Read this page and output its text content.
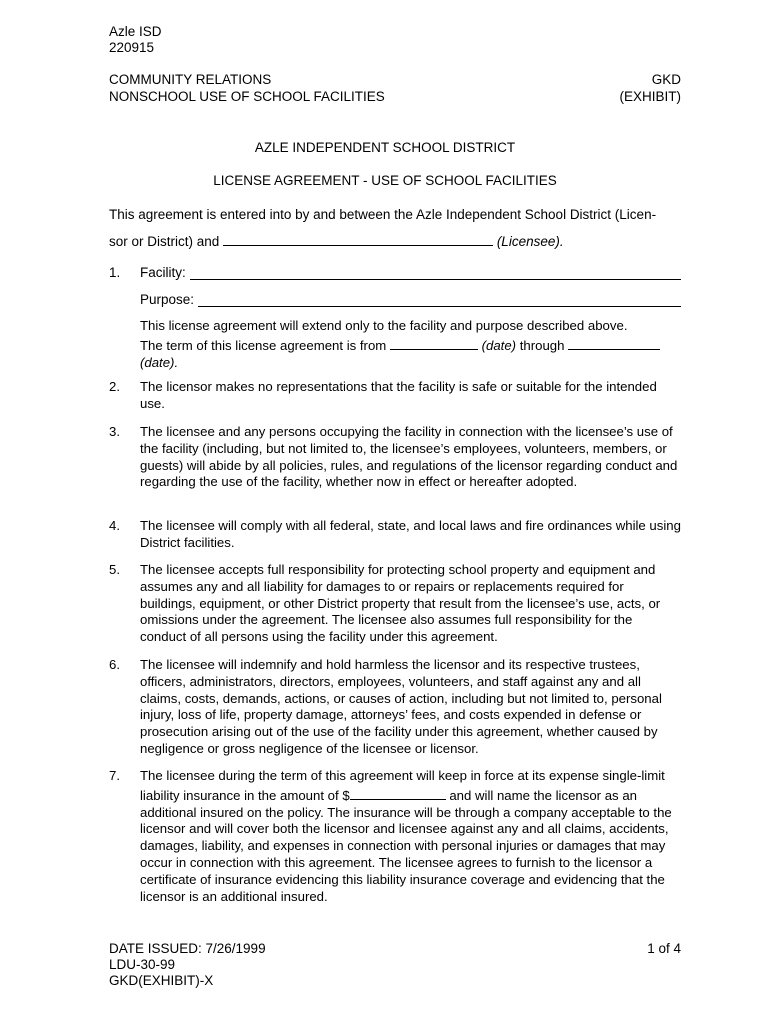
Azle ISD
220915
COMMUNITY RELATIONS
NONSCHOOL USE OF SCHOOL FACILITIES
GKD
(EXHIBIT)
AZLE INDEPENDENT SCHOOL DISTRICT
LICENSE AGREEMENT - USE OF SCHOOL FACILITIES
This agreement is entered into by and between the Azle Independent School District (Licen-
sor or District) and	(Licensee).
1. Facility:
Purpose:
This license agreement will extend only to the facility and purpose described above.
The term of this license agreement is from	(date) through
(date).
2.	The licensor makes no representations that the facility is safe or suitable for the intended use.
3.	The licensee and any persons occupying the facility in connection with the licensee’s use of the facility (including, but not limited to, the licensee’s employees, volunteers, members, or guests) will abide by all policies, rules, and regulations of the licensor regarding conduct and regarding the use of the facility, whether now in effect or hereafter adopted.
4.	The licensee will comply with all federal, state, and local laws and fire ordinances while using District facilities.
5.	The licensee accepts full responsibility for protecting school property and equipment and assumes any and all liability for damages to or repairs or replacements required for buildings, equipment, or other District property that result from the licensee’s use, acts, or omissions under the agreement. The licensee also assumes full responsibility for the conduct of all persons using the facility under this agreement.
6.	The licensee will indemnify and hold harmless the licensor and its respective trustees, officers, administrators, directors, employees, volunteers, and staff against any and all claims, costs, demands, actions, or causes of action, including but not limited to, personal injury, loss of life, property damage, attorneys’ fees, and costs expended in defense or prosecution arising out of the use of the facility under this agreement, whether caused by negligence or gross negligence of the licensee or licensor.
7.	The licensee during the term of this agreement will keep in force at its expense single-limit liability insurance in the amount of $	and will name the licensor as an additional insured on the policy. The insurance will be through a company acceptable to the licensor and will cover both the licensor and licensee against any and all claims, accidents, damages, liability, and expenses in connection with personal injuries or damages that may occur in connection with this agreement. The licensee agrees to furnish to the licensor a certificate of insurance evidencing this liability insurance coverage and evidencing that the licensor is an additional insured.
DATE ISSUED: 7/26/1999
LDU-30-99
GKD(EXHIBIT)-X
1 of 4
